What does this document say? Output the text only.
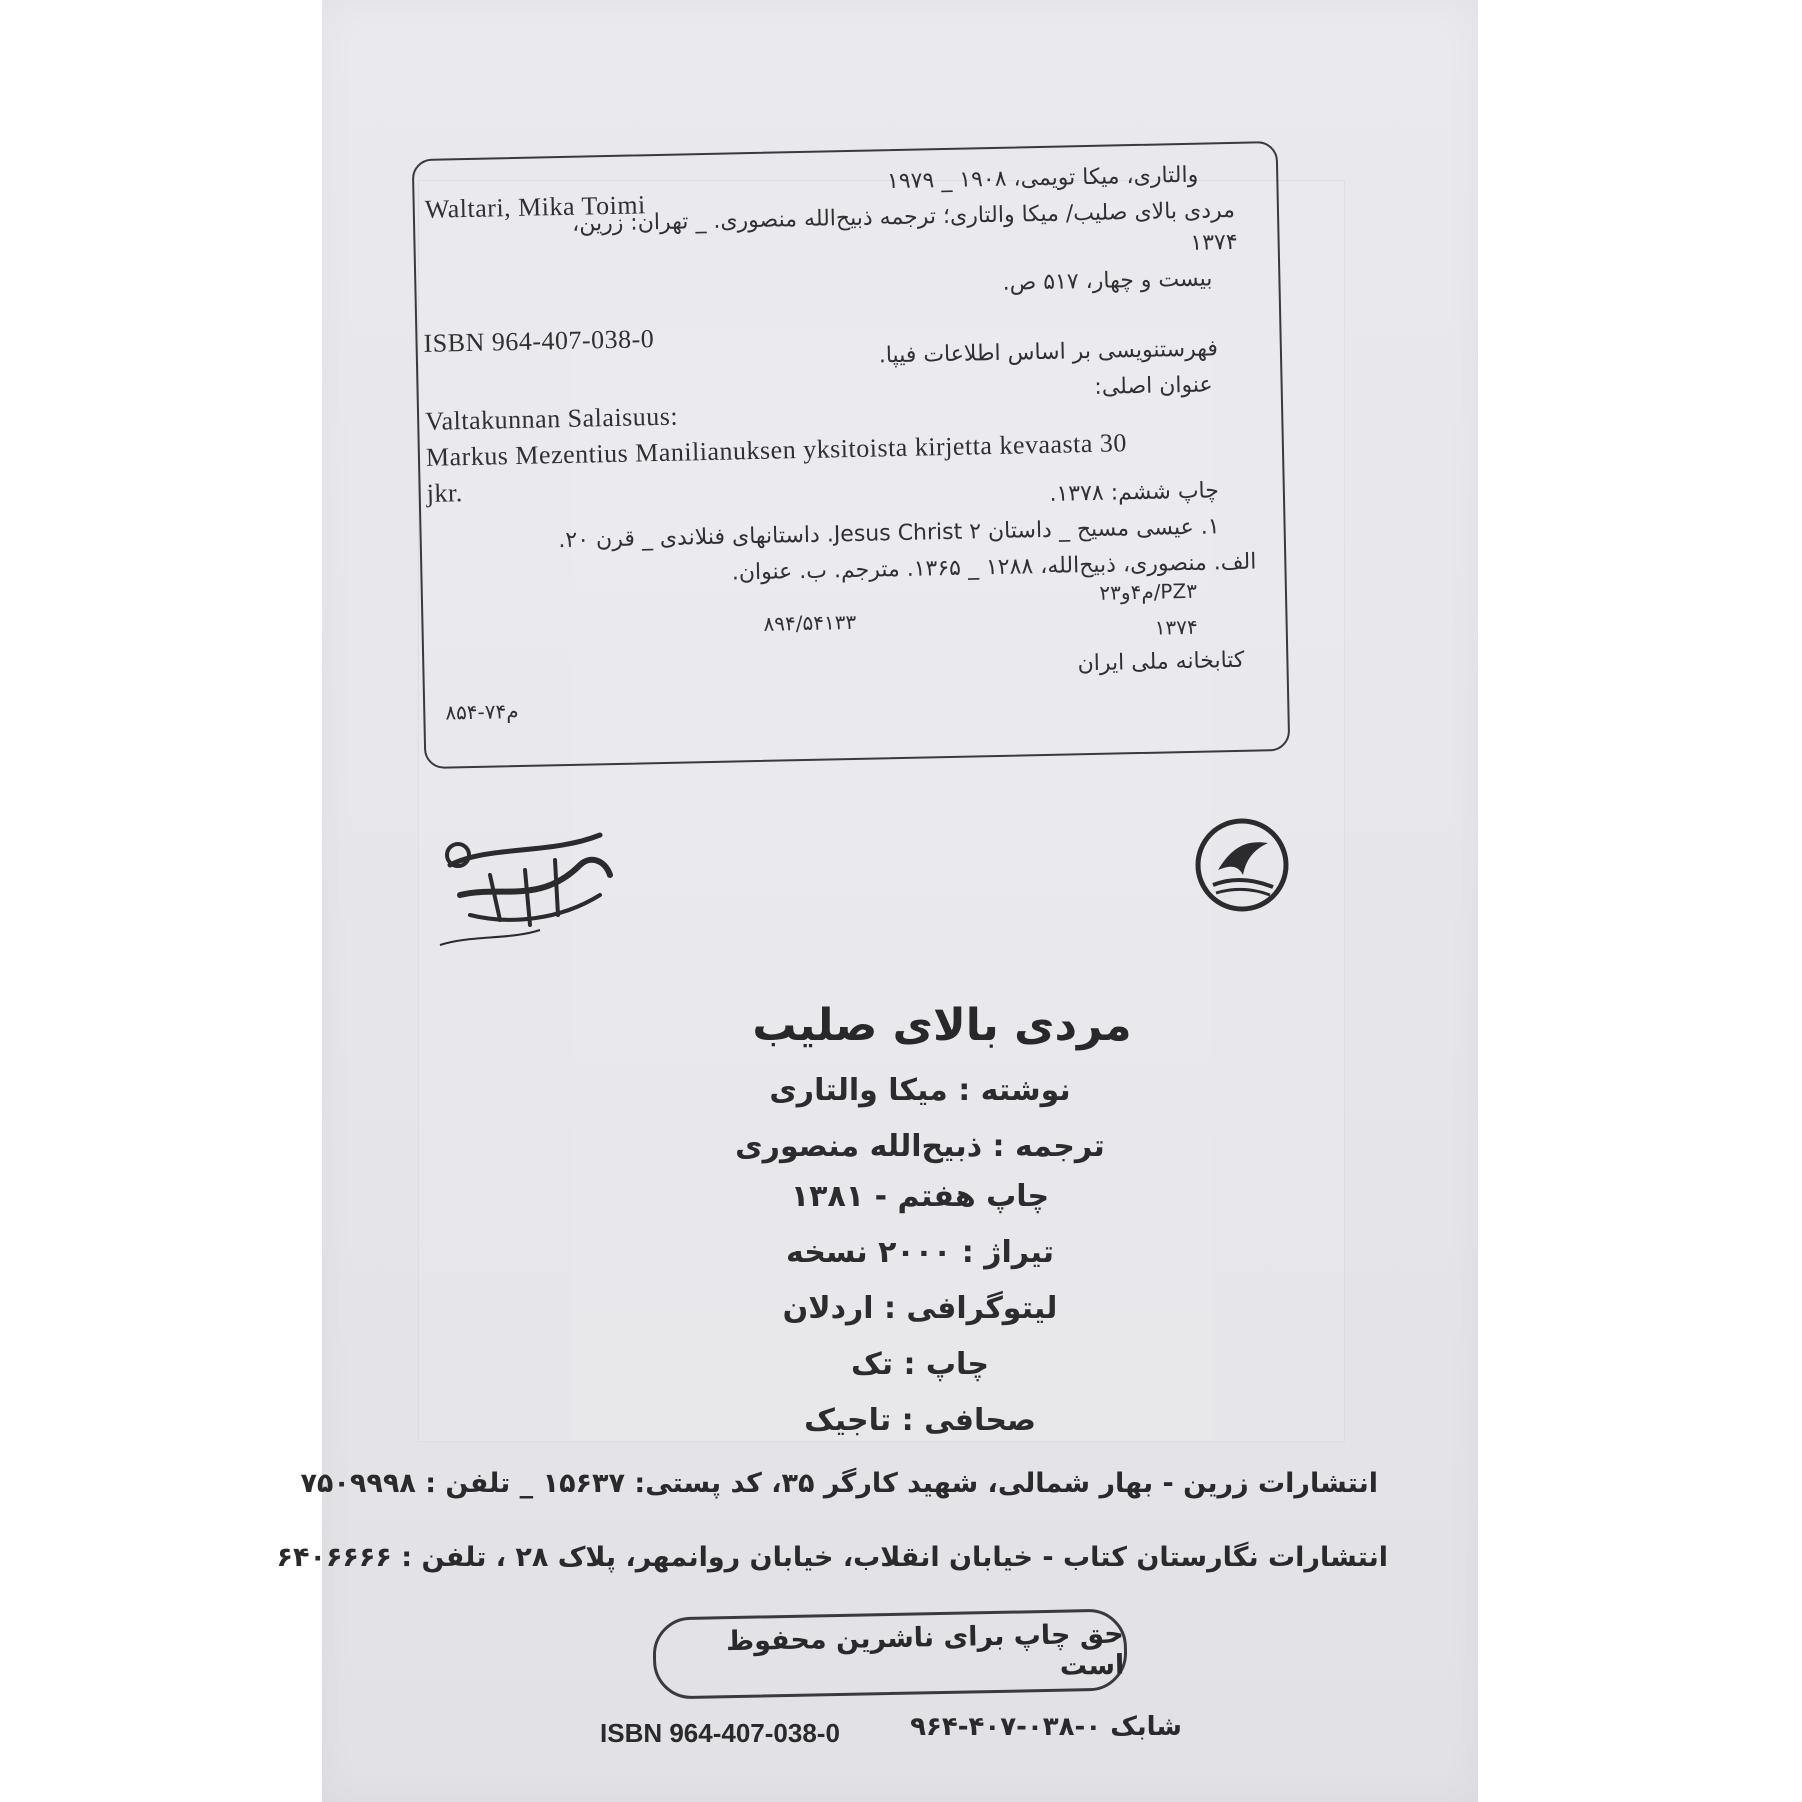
والتاری، میکا تویمی، ۱۹۰۸ _ ۱۹۷۹
Waltari, Mika Toimi
مردی بالای صلیب/ میکا والتاری؛ ترجمه ذبیح‌الله منصوری. _ تهران: زرین،
۱۳۷۴
بیست و چهار، ۵۱۷ ص.
ISBN 964-407-038-0	فهرستنویسی بر اساس اطلاعات فیپا.
عنوان اصلی:
Valtakunnan Salaisuus:
Markus Mezentius Manilianuksen yksitoista kirjetta kevaasta 30
jkr.	چاپ ششم: ۱۳۷۸.
۱. عیسی مسیح _ داستان Jesus Christ ۲. داستانهای فنلاندی _ قرن ۲۰.
الف. منصوری، ذبیح‌الله، ۱۲۸۸ _ ۱۳۶۵. مترجم. ب. عنوان.
PZ۳/م۴و۲۳
۸۹۴/۵۴۱۳۳	۱۳۷۴
کتابخانه ملی ایران
م۷۴-۸۵۴
نگارستان کتاب
مردی بالای صلیب
نوشته : میکا والتاری
ترجمه : ذبیح‌الله منصوری
چاپ هفتم - ۱۳۸۱
تیراژ : ۲۰۰۰ نسخه
لیتوگرافی : اردلان
چاپ : تک
صحافی : تاجیک
انتشارات زرین - بهار شمالی، شهید کارگر ۳۵، کد پستی: ۱۵۶۳۷ _ تلفن : ۷۵۰۹۹۹۸
انتشارات نگارستان کتاب - خیابان انقلاب، خیابان روانمهر، پلاک ۲۸ ، تلفن : ۶۴۰۶۶۶۶
حق چاپ برای ناشرین محفوظ است
ISBN 964-407-038-0	شابک ۰-۰۳۸-۴۰۷-۹۶۴
